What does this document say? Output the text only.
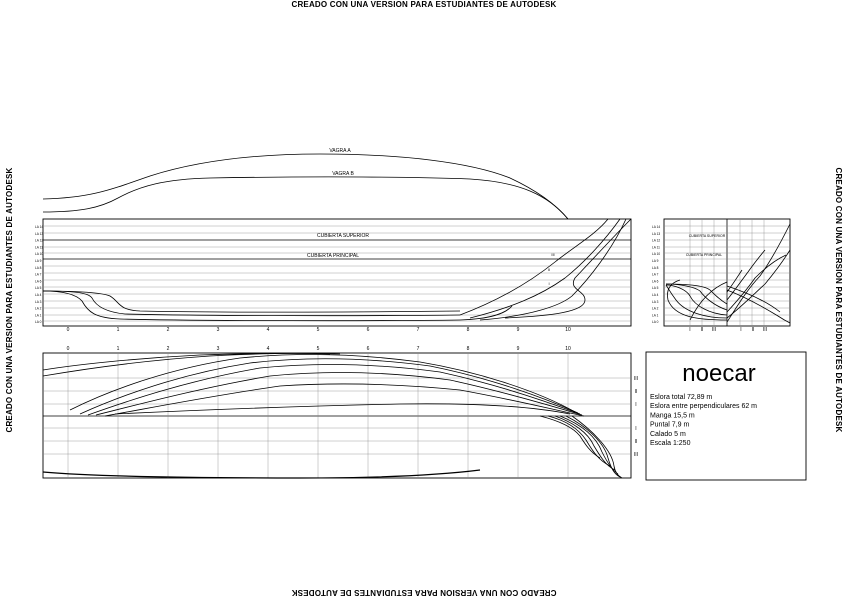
CREADO CON UNA VERSION PARA ESTUDIANTES DE AUTODESK
CREADO CON UNA VERSION PARA ESTUDIANTES DE AUTODESK
CREADO CON UNA VERSION PARA ESTUDIANTES DE AUTODESK	CREADO CON UNA VERSION PARA ESTUDIANTES DE AUTODESK
VAGRA A
VAGRA B
CUBIERTA SUPERIOR
CUBIERTA PRINCIPAL	III
II
I
LA 14
LA 13
LA 12
LA 11
LA 10
LA 9
LA 8
LA 7
LA 6
LA 5
LA 4
LA 3
LA 2
LA 1
LA 0
0	1	2	3	4	5	6	7	8	9	10
CUBIERTA SUPERIOR
CUBIERTA PRINCIPAL
I II III	I II III
LA 14
LA 13
LA 12
LA 11
LA 10
LA 9
LA 8
LA 7
LA 6
LA 5
LA 4
LA 3
LA 2
LA 1
LA 0
0	1	2	3	4	5	6	7	8	9	10
III
II
I
I
II
III
noecar
Eslora total 72,89 m
Eslora entre perpendiculares 62 m
Manga 15,5 m
Puntal 7,9 m
Calado 5 m
Escala 1:250
